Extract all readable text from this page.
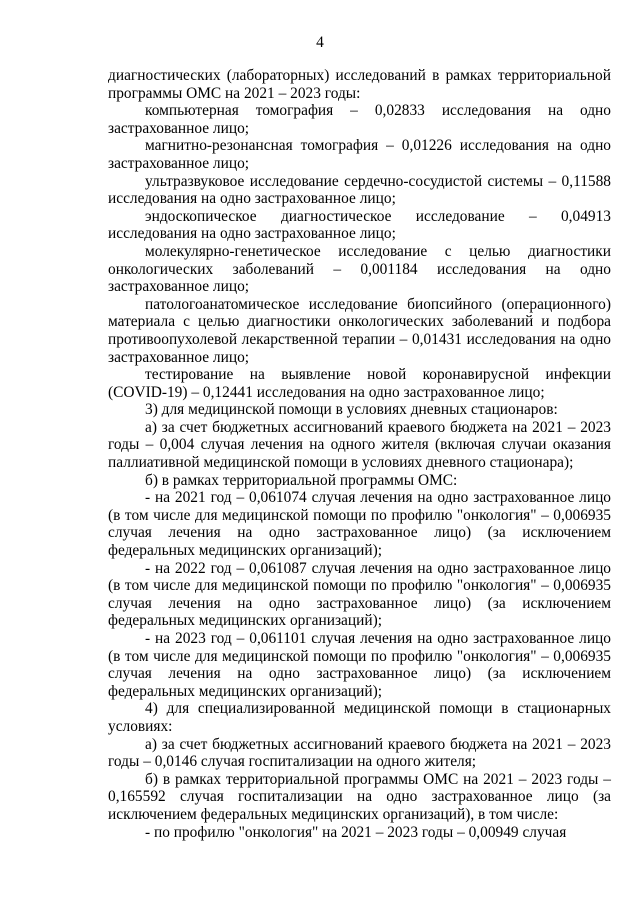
4

диагностических (лабораторных) исследований в рамках территориальной программы ОМС на 2021 – 2023 годы:

компьютерная томография – 0,02833 исследования на одно застрахованное лицо;

магнитно-резонансная томография – 0,01226 исследования на одно застрахованное лицо;

ультразвуковое исследование сердечно-сосудистой системы – 0,11588 исследования на одно застрахованное лицо;

эндоскопическое диагностическое исследование – 0,04913 исследования на одно застрахованное лицо;

молекулярно-генетическое исследование с целью диагностики онкологических заболеваний – 0,001184 исследования на одно застрахованное лицо;

патологоанатомическое исследование биопсийного (операционного) материала с целью диагностики онкологических заболеваний и подбора противоопухолевой лекарственной терапии – 0,01431 исследования на одно застрахованное лицо;

тестирование на выявление новой коронавирусной инфекции (COVID-19) – 0,12441 исследования на одно застрахованное лицо;

3) для медицинской помощи в условиях дневных стационаров:

а) за счет бюджетных ассигнований краевого бюджета на 2021 – 2023 годы – 0,004 случая лечения на одного жителя (включая случаи оказания паллиативной медицинской помощи в условиях дневного стационара);

б) в рамках территориальной программы ОМС:

- на 2021 год – 0,061074 случая лечения на одно застрахованное лицо (в том числе для медицинской помощи по профилю "онкология" – 0,006935 случая лечения на одно застрахованное лицо) (за исключением федеральных медицинских организаций);

- на 2022 год – 0,061087 случая лечения на одно застрахованное лицо (в том числе для медицинской помощи по профилю "онкология" – 0,006935 случая лечения на одно застрахованное лицо) (за исключением федеральных медицинских организаций);

- на 2023 год – 0,061101 случая лечения на одно застрахованное лицо (в том числе для медицинской помощи по профилю "онкология" – 0,006935 случая лечения на одно застрахованное лицо) (за исключением федеральных медицинских организаций);

4) для специализированной медицинской помощи в стационарных условиях:

а) за счет бюджетных ассигнований краевого бюджета на 2021 – 2023 годы – 0,0146 случая госпитализации на одного жителя;

б) в рамках территориальной программы ОМС на 2021 – 2023 годы – 0,165592 случая госпитализации на одно застрахованное лицо (за исключением федеральных медицинских организаций), в том числе:

- по профилю "онкология" на 2021 – 2023 годы – 0,00949 случая
